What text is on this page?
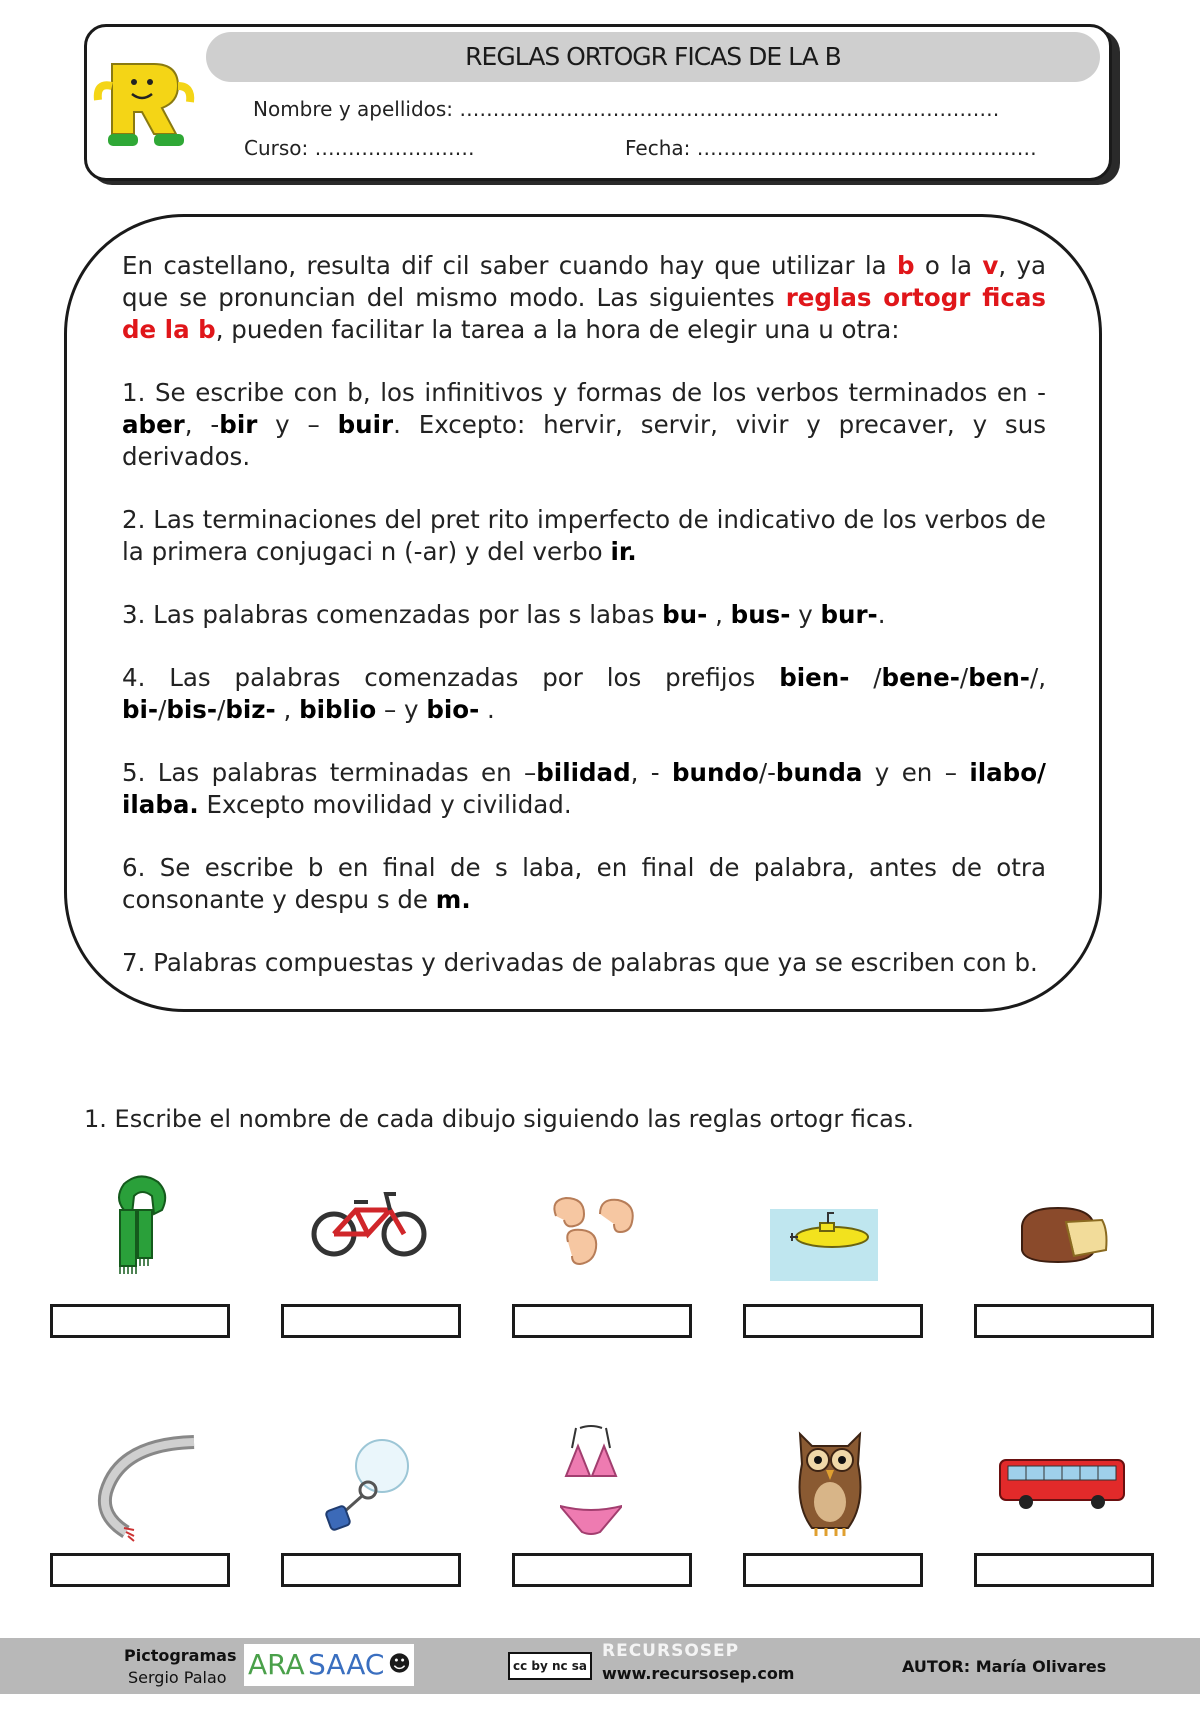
REGLAS ORTOGR FICAS DE LA B
Nombre y apellidos: ………………………………………………………………………
Curso: ……………………	Fecha: ……………………………………………

En castellano, resulta dif cil saber cuando hay que utilizar la b o la v, ya que se pronuncian del mismo modo. Las siguientes reglas ortogr ficas de la b, pueden facilitar la tarea a la hora de elegir una u otra:

1. Se escribe con b, los infinitivos y formas de los verbos terminados en -aber, -bir y – buir. Excepto: hervir, servir, vivir y precaver, y sus derivados.

2. Las terminaciones del pret rito imperfecto de indicativo de los verbos de la primera conjugaci n (-ar) y del verbo ir.

3. Las palabras comenzadas por las s labas bu- , bus- y bur-.

4. Las palabras comenzadas por los prefijos bien- /bene-/ben-/, bi-/bis-/biz- , biblio – y bio- .

5. Las palabras terminadas en –bilidad, - bundo/-bunda y en – ilabo/ ilaba. Excepto movilidad y civilidad.

6. Se escribe b en final de s laba, en final de palabra, antes de otra consonante y despu s de m.

7. Palabras compuestas y derivadas de palabras que ya se escriben con b.

1. Escribe el nombre de cada dibujo siguiendo las reglas ortogr ficas.
Pictogramas
Sergio Palao ARA SAAC ☻	cc by nc sa
RECURSOSEP
www.recursosep.com	AUTOR: María Olivares
